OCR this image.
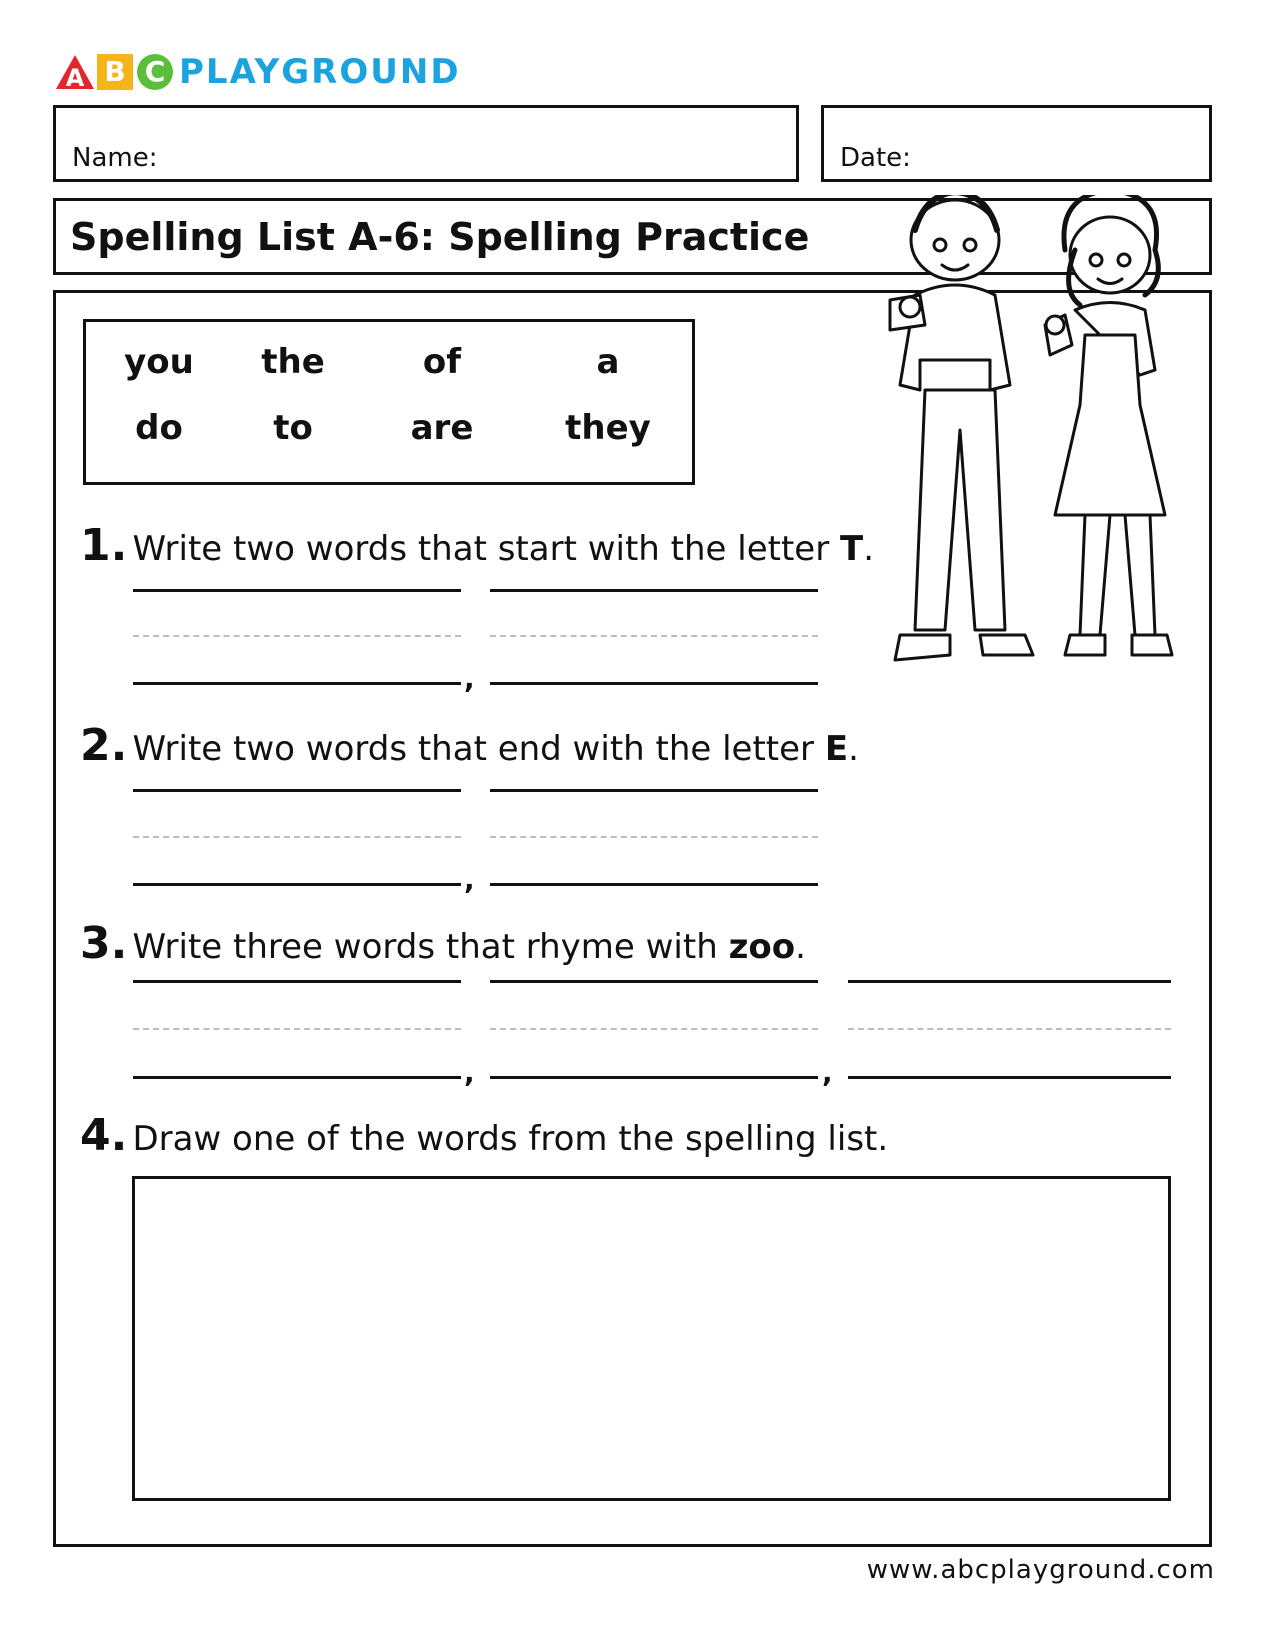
A B C PLAYGROUND
Name:	Date:
Spelling List A-6: Spelling Practice
you the	of	a
do	to	are	they
1. Write two words that start with the letter T.
,
2. Write two words that end with the letter E.
,
3. Write three words that rhyme with zoo.
,	,
4. Draw one of the words from the spelling list.
www.abcplayground.com
